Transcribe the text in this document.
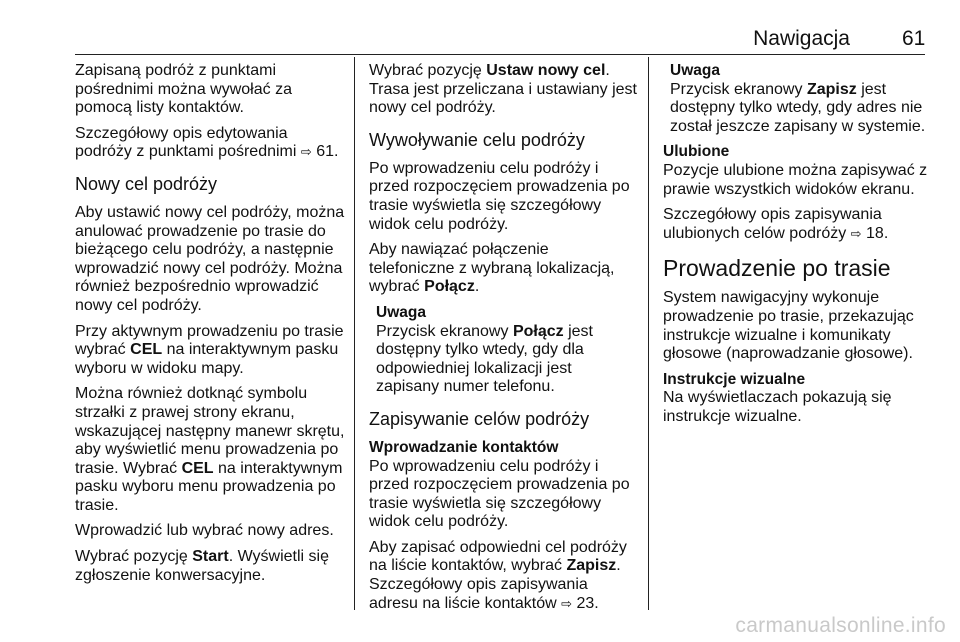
Nawigacja 61

Zapisaną podróż z punktami pośrednimi można wywołać za pomocą listy kontaktów.

Szczegółowy opis edytowania podróży z punktami pośrednimi ⇨ 61.

Nowy cel podróży

Aby ustawić nowy cel podróży, można anulować prowadzenie po trasie do bieżącego celu podróży, a następnie wprowadzić nowy cel podróży. Można również bezpośrednio wprowadzić nowy cel podróży.

Przy aktywnym prowadzeniu po trasie wybrać CEL na interaktywnym pasku wyboru w widoku mapy.

Można również dotknąć symbolu strzałki z prawej strony ekranu, wskazującej następny manewr skrętu, aby wyświetlić menu prowadzenia po trasie. Wybrać CEL na interaktywnym pasku wyboru menu prowadzenia po trasie.

Wprowadzić lub wybrać nowy adres.

Wybrać pozycję Start. Wyświetli się zgłoszenie konwersacyjne.

Wybrać pozycję Ustaw nowy cel. Trasa jest przeliczana i ustawiany jest nowy cel podróży.

Wywoływanie celu podróży

Po wprowadzeniu celu podróży i przed rozpoczęciem prowadzenia po trasie wyświetla się szczegółowy widok celu podróży.

Aby nawiązać połączenie telefoniczne z wybraną lokalizacją, wybrać Połącz.

Uwaga

Przycisk ekranowy Połącz jest dostępny tylko wtedy, gdy dla odpowiedniej lokalizacji jest zapisany numer telefonu.

Zapisywanie celów podróży
Wprowadzanie kontaktów

Po wprowadzeniu celu podróży i przed rozpoczęciem prowadzenia po trasie wyświetla się szczegółowy widok celu podróży.

Aby zapisać odpowiedni cel podróży na liście kontaktów, wybrać Zapisz. Szczegółowy opis zapisywania adresu na liście kontaktów ⇨ 23.

Uwaga

Przycisk ekranowy Zapisz jest dostępny tylko wtedy, gdy adres nie został jeszcze zapisany w systemie.

Ulubione

Pozycje ulubione można zapisywać z prawie wszystkich widoków ekranu.

Szczegółowy opis zapisywania ulubionych celów podróży ⇨ 18.

Prowadzenie po trasie

System nawigacyjny wykonuje prowadzenie po trasie, przekazując instrukcje wizualne i komunikaty głosowe (naprowadzanie głosowe).

Instrukcje wizualne

Na wyświetlaczach pokazują się instrukcje wizualne.

carmanualsonline.info
